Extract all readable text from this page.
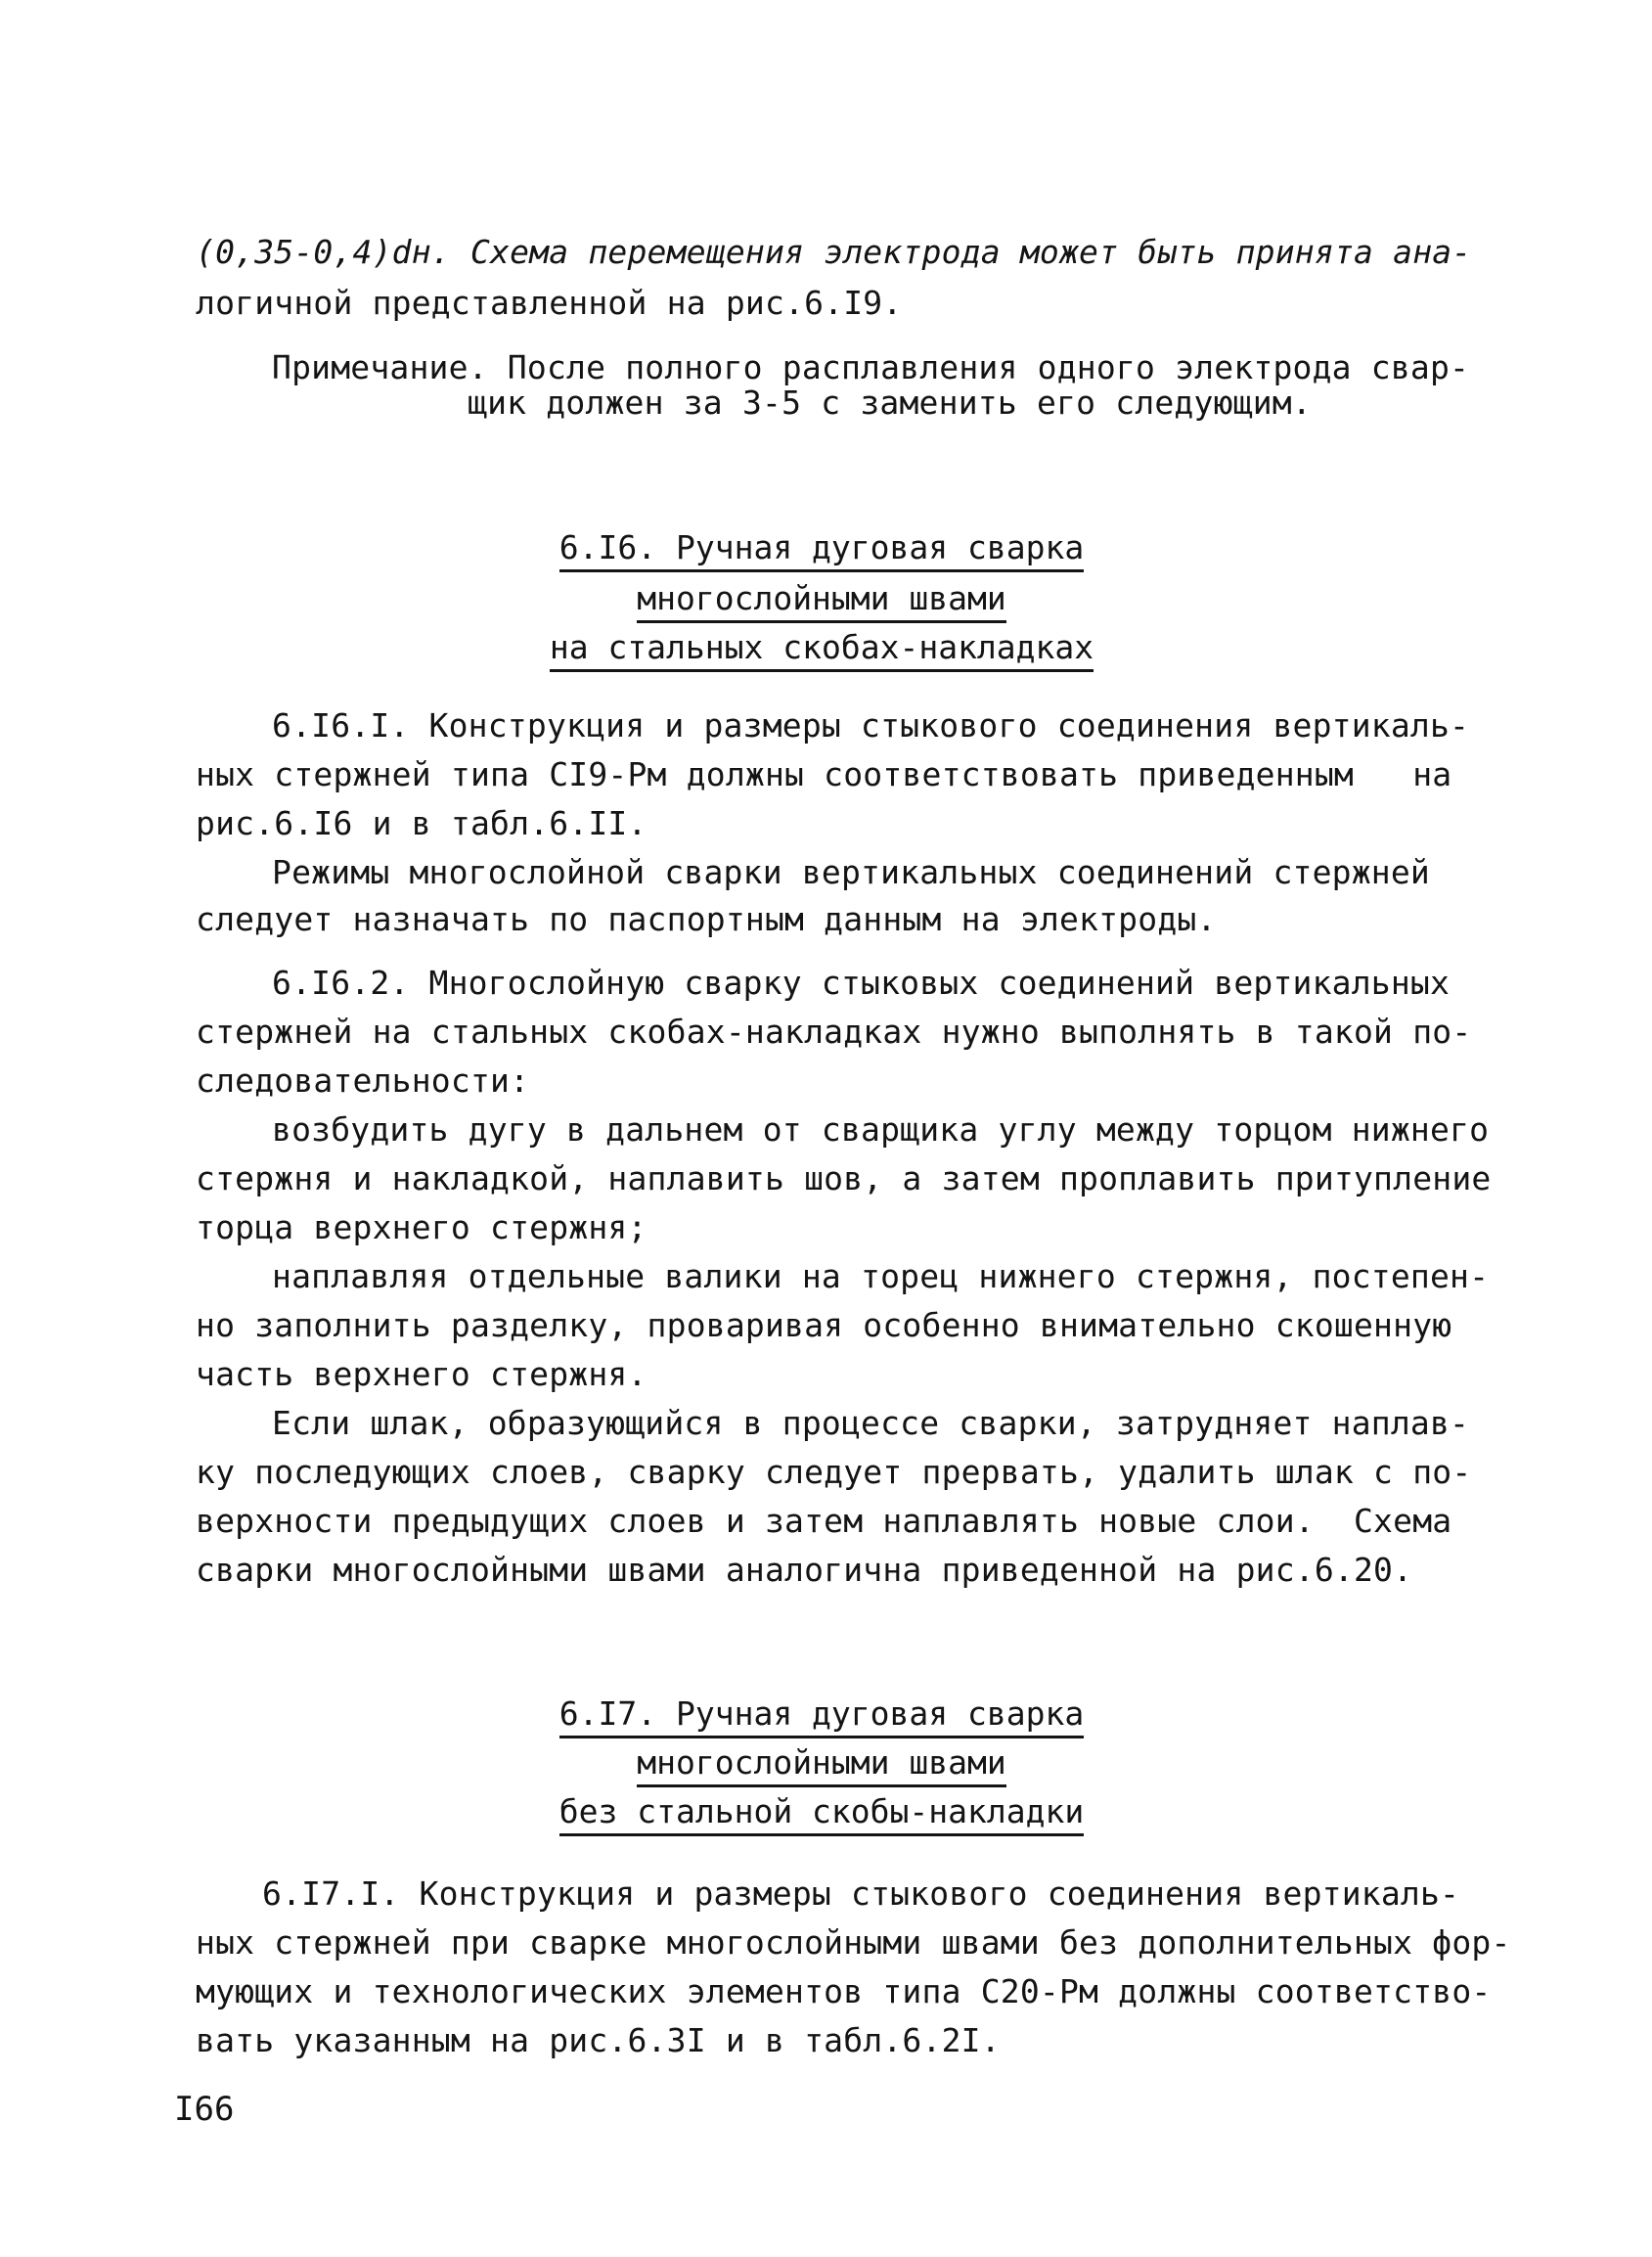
(0,35-0,4)dн. Схема перемещения электрода может быть принята ана-
логичной представленной на рис.6.I9.
Примечание. После полного расплавления одного электрода свар-
щик должен за 3-5 с заменить его следующим.
6.I6. Ручная дуговая сварка
многослойными швами
на стальных скобах-накладках
6.I6.I. Конструкция и размеры стыкового соединения вертикаль-
ных стержней типа CI9-Рм должны соответствовать приведенным   на
рис.6.I6 и в табл.6.II.
Режимы многослойной сварки вертикальных соединений стержней
следует назначать по паспортным данным на электроды.
6.I6.2. Многослойную сварку стыковых соединений вертикальных
стержней на стальных скобах-накладках нужно выполнять в такой по-
следовательности:
возбудить дугу в дальнем от сварщика углу между торцом нижнего
стержня и накладкой, наплавить шов, а затем проплавить притупление
торца верхнего стержня;
наплавляя отдельные валики на торец нижнего стержня, постепен-
но заполнить разделку, проваривая особенно внимательно скошенную
часть верхнего стержня.
Если шлак, образующийся в процессе сварки, затрудняет наплав-
ку последующих слоев, сварку следует прервать, удалить шлак с по-
верхности предыдущих слоев и затем наплавлять новые слои.  Схема
сварки многослойными швами аналогична приведенной на рис.6.20.
6.I7. Ручная дуговая сварка
многослойными швами
без стальной скобы-накладки
6.I7.I. Конструкция и размеры стыкового соединения вертикаль-
ных стержней при сварке многослойными швами без дополнительных фор-
мующих и технологических элементов типа С20-Рм должны соответство-
вать указанным на рис.6.3I и в табл.6.2I.
I66
